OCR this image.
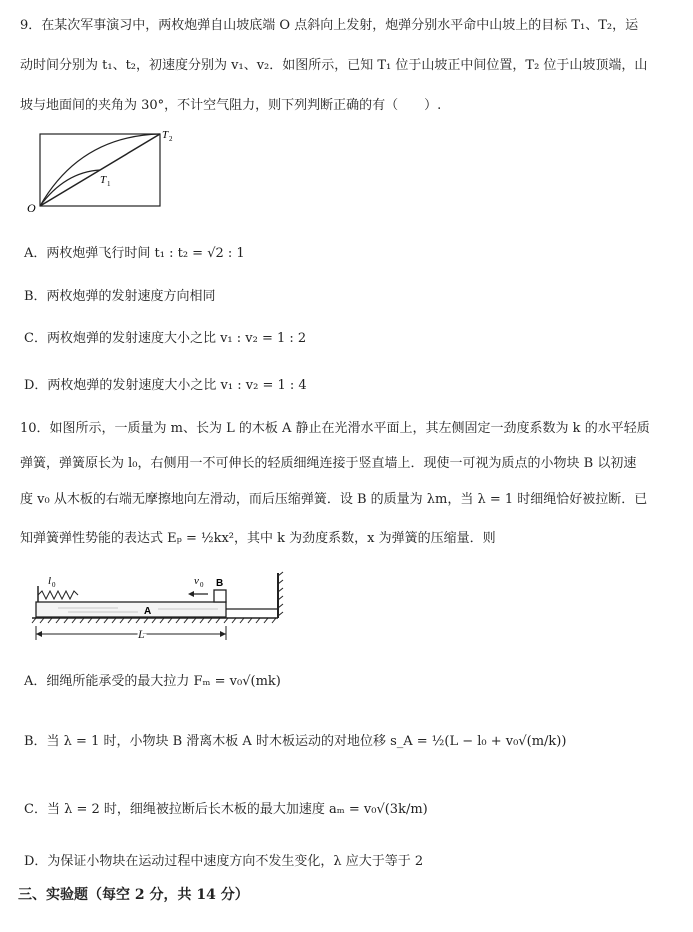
9．在某次军事演习中，两枚炮弹自山坡底端 O 点斜向上发射，炮弹分别水平命中山坡上的目标 T₁、T₂，运
动时间分别为 t₁、t₂，初速度分别为 v₁、v₂．如图所示，已知 T₁ 位于山坡正中间位置，T₂ 位于山坡顶端，山
坡与地面间的夹角为 30°，不计空气阻力，则下列判断正确的有（　　）.
O
T 1
T 2
A．两枚炮弹飞行时间 t₁ : t₂ = √2 : 1
B．两枚炮弹的发射速度方向相同
C．两枚炮弹的发射速度大小之比 v₁ : v₂ = 1 : 2
D．两枚炮弹的发射速度大小之比 v₁ : v₂ = 1 : 4
10．如图所示，一质量为 m、长为 L 的木板 A 静止在光滑水平面上，其左侧固定一劲度系数为 k 的水平轻质
弹簧，弹簧原长为 l₀，右侧用一不可伸长的轻质细绳连接于竖直墙上．现使一可视为质点的小物块 B 以初速
度 v₀ 从木板的右端无摩擦地向左滑动，而后压缩弹簧．设 B 的质量为 λm，当 λ = 1 时细绳恰好被拉断．已
知弹簧弹性势能的表达式 Eₚ = ½kx²，其中 k 为劲度系数，x 为弹簧的压缩量．则
l 0	v 0 B
A
L
A．细绳所能承受的最大拉力 Fₘ = v₀√(mk)
B．当 λ = 1 时，小物块 B 滑离木板 A 时木板运动的对地位移 s_A = ½(L − l₀ + v₀√(m/k))
C．当 λ = 2 时，细绳被拉断后长木板的最大加速度 aₘ = v₀√(3k/m)
D．为保证小物块在运动过程中速度方向不发生变化，λ 应大于等于 2
三、实验题（每空 2 分，共 14 分）
